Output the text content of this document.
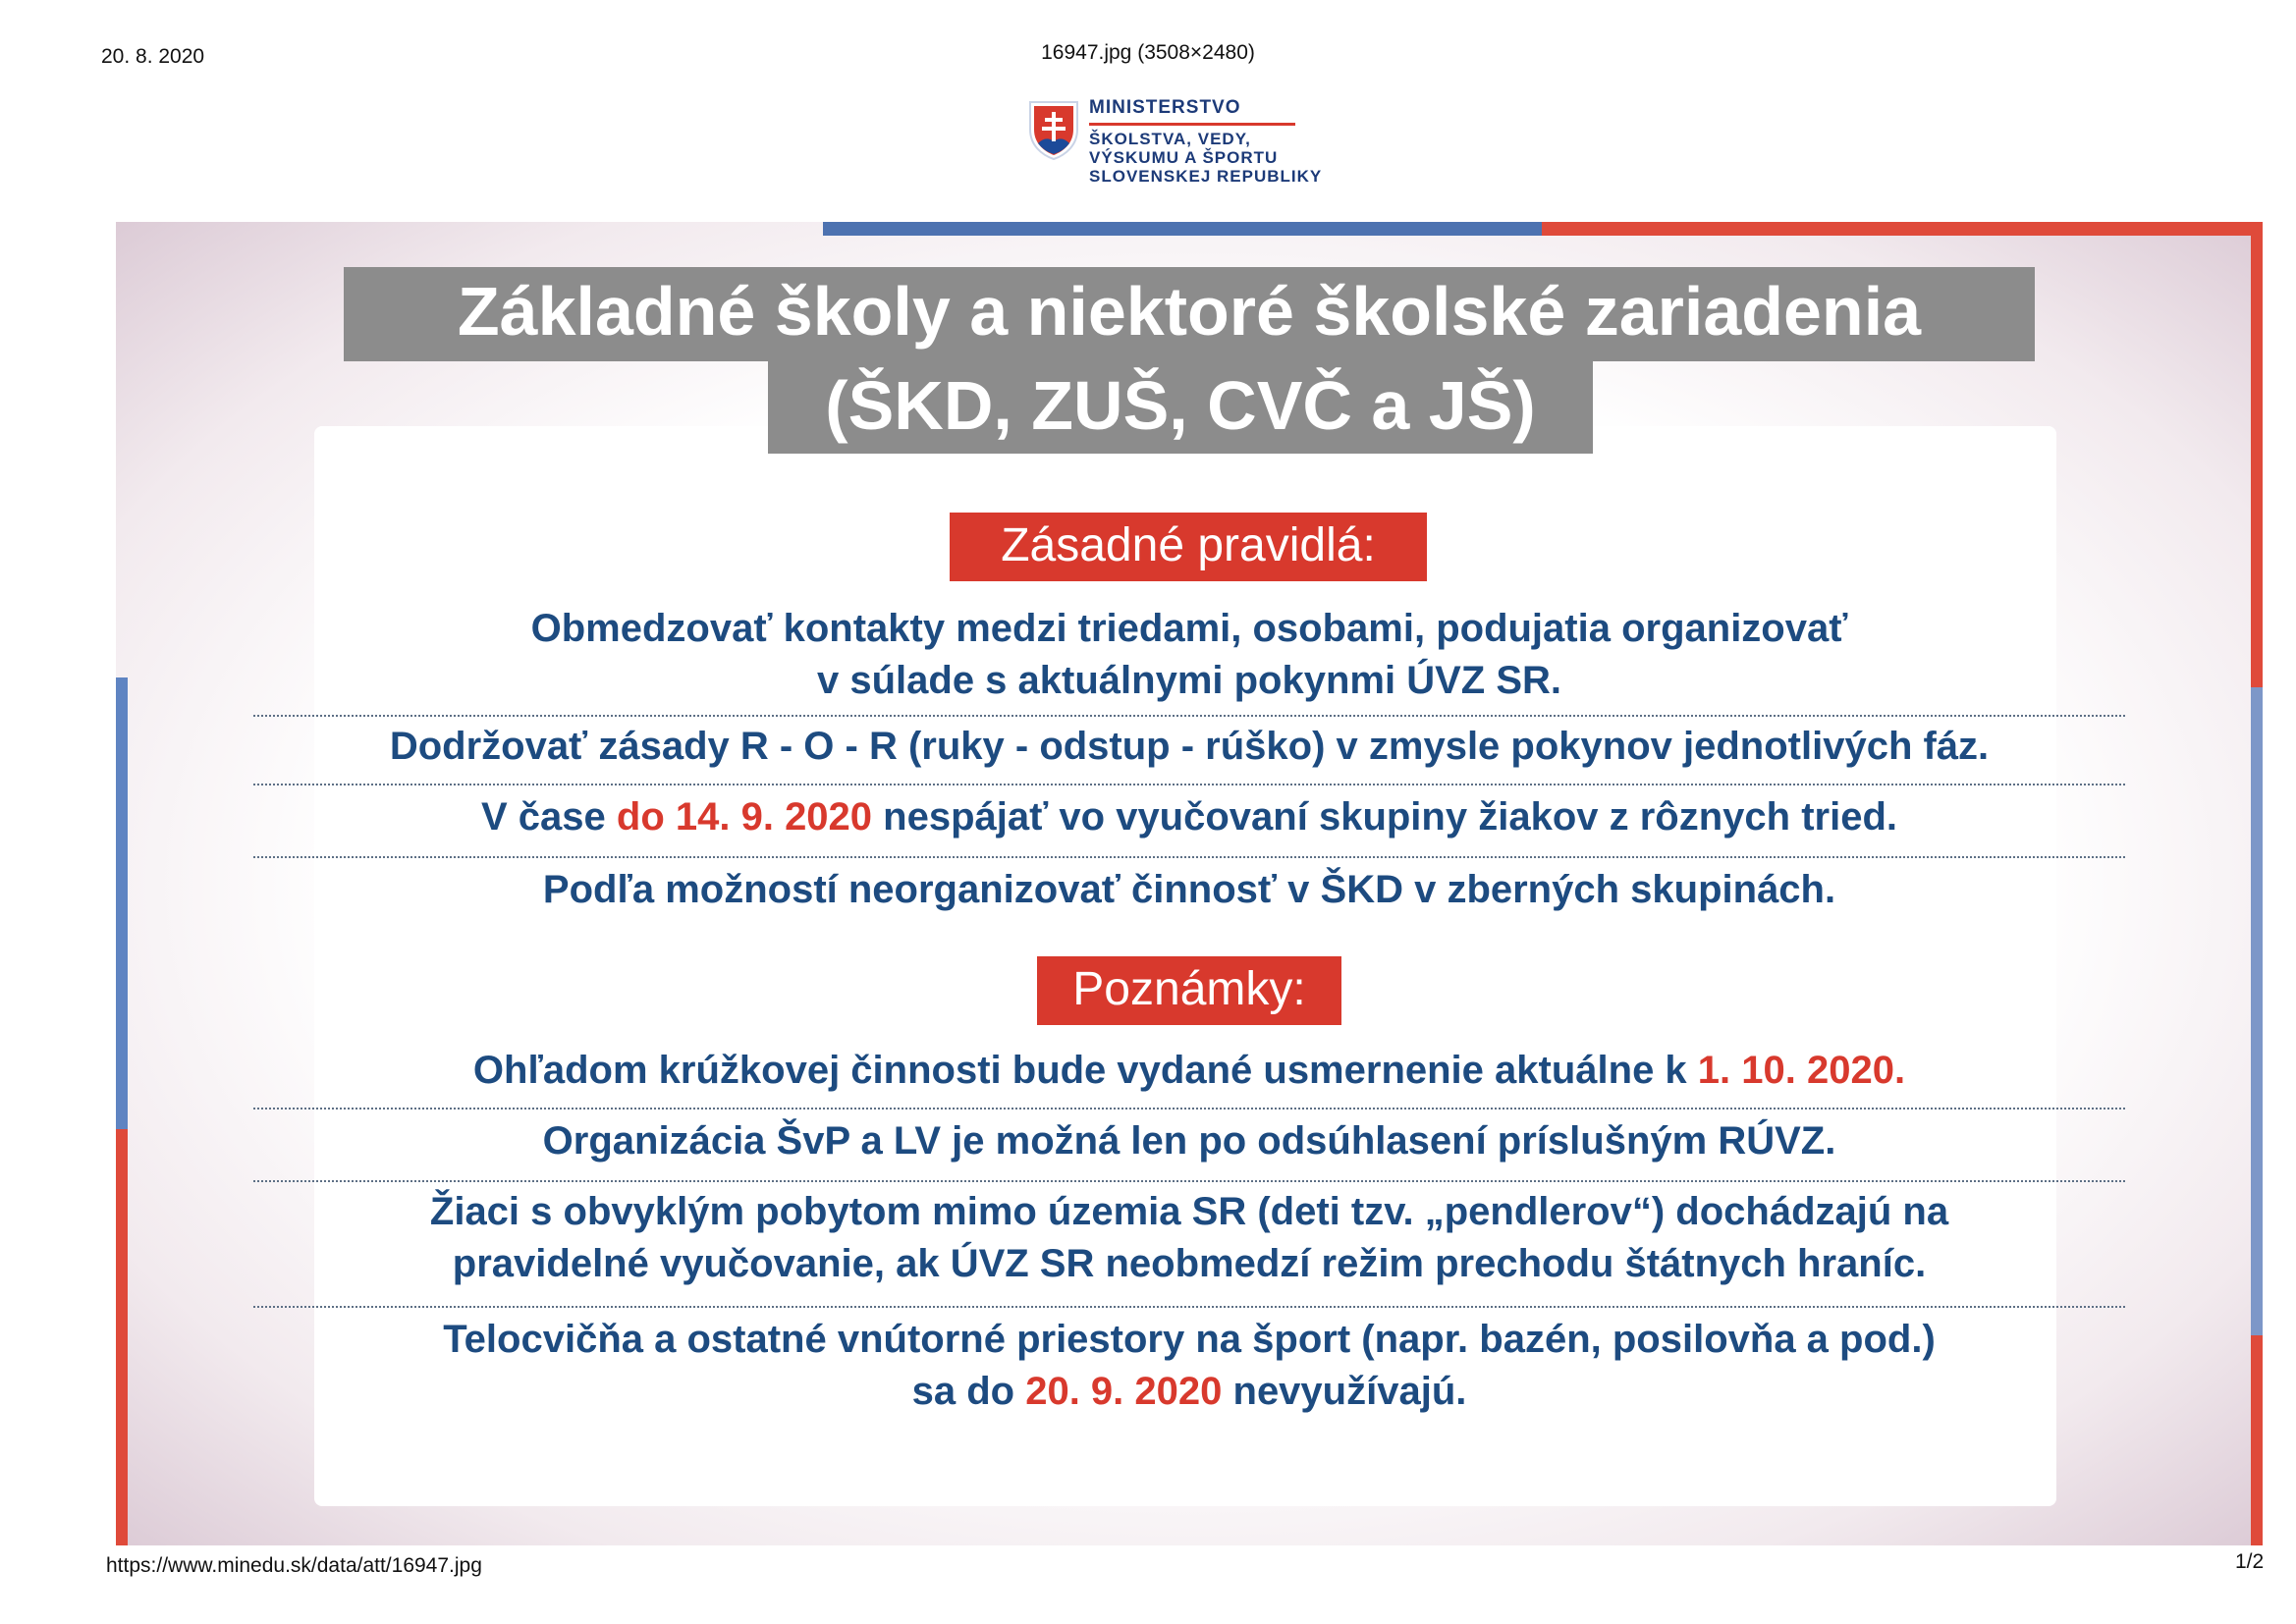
20. 8. 2020	16947.jpg (3508×2480)
MINISTERSTVO
ŠKOLSTVA, VEDY,
VÝSKUMU A ŠPORTU
SLOVENSKEJ REPUBLIKY
Základné školy a niektoré školské zariadenia
(ŠKD, ZUŠ, CVČ a JŠ)
Zásadné pravidlá:
Obmedzovať kontakty medzi triedami, osobami, podujatia organizovať
v súlade s aktuálnymi pokynmi ÚVZ SR.
Dodržovať zásady R - O - R (ruky - odstup - rúško) v zmysle pokynov jednotlivých fáz.
V čase do 14. 9. 2020 nespájať vo vyučovaní skupiny žiakov z rôznych tried.
Podľa možností neorganizovať činnosť v ŠKD v zberných skupinách.
Poznámky:
Ohľadom krúžkovej činnosti bude vydané usmernenie aktuálne k 1. 10. 2020.
Organizácia ŠvP a LV je možná len po odsúhlasení príslušným RÚVZ.
Žiaci s obvyklým pobytom mimo územia SR (deti tzv. „pendlerov“) dochádzajú na
pravidelné vyučovanie, ak ÚVZ SR neobmedzí režim prechodu štátnych hraníc.
Telocvičňa a ostatné vnútorné priestory na šport (napr. bazén, posilovňa a pod.)
sa do 20. 9. 2020 nevyužívajú.
https://www.minedu.sk/data/att/16947.jpg	1/2
